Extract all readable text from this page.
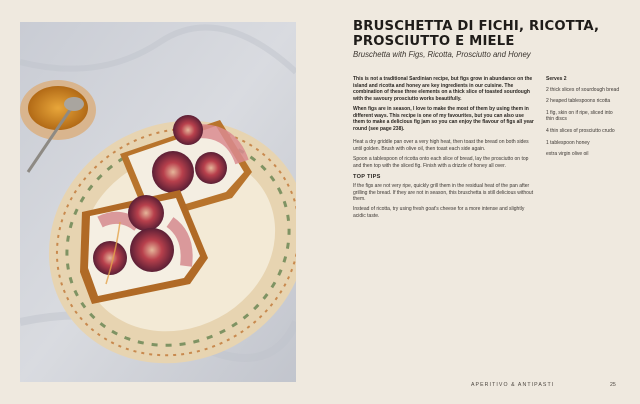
BRUSCHETTA DI FICHI, RICOTTA, PROSCIUTTO E MIELE

Bruschetta with Figs, Ricotta, Prosciutto and Honey

This is not a traditional Sardinian recipe, but figs grow in abundance on the island and ricotta and honey are key ingredients in our cuisine. The combination of these three elements on a thick slice of toasted sourdough with the savoury prosciutto works beautifully.

When figs are in season, I love to make the most of them by using them in different ways. This recipe is one of my favourites, but you can also use them to make a delicious fig jam so you can enjoy the flavour of figs all year round (see page 238).

Heat a dry griddle pan over a very high heat, then toast the bread on both sides until golden. Brush with olive oil, then toast each side again.

Spoon a tablespoon of ricotta onto each slice of bread, lay the prosciutto on top and then top with the sliced fig. Finish with a drizzle of honey all over.

TOP TIPS

If the figs are not very ripe, quickly grill them in the residual heat of the pan after grilling the bread. If they are not in season, this bruschetta is still delicious without them.

Instead of ricotta, try using fresh goat's cheese for a more intense and slightly acidic taste.

Serves 2
2 thick slices of sourdough bread
2 heaped tablespoons ricotta
1 fig, skin on if ripe, sliced into thin discs
4 thin slices of prosciutto crudo
1 tablespoon honey
extra virgin olive oil
APERITIVO & ANTIPASTI	25
